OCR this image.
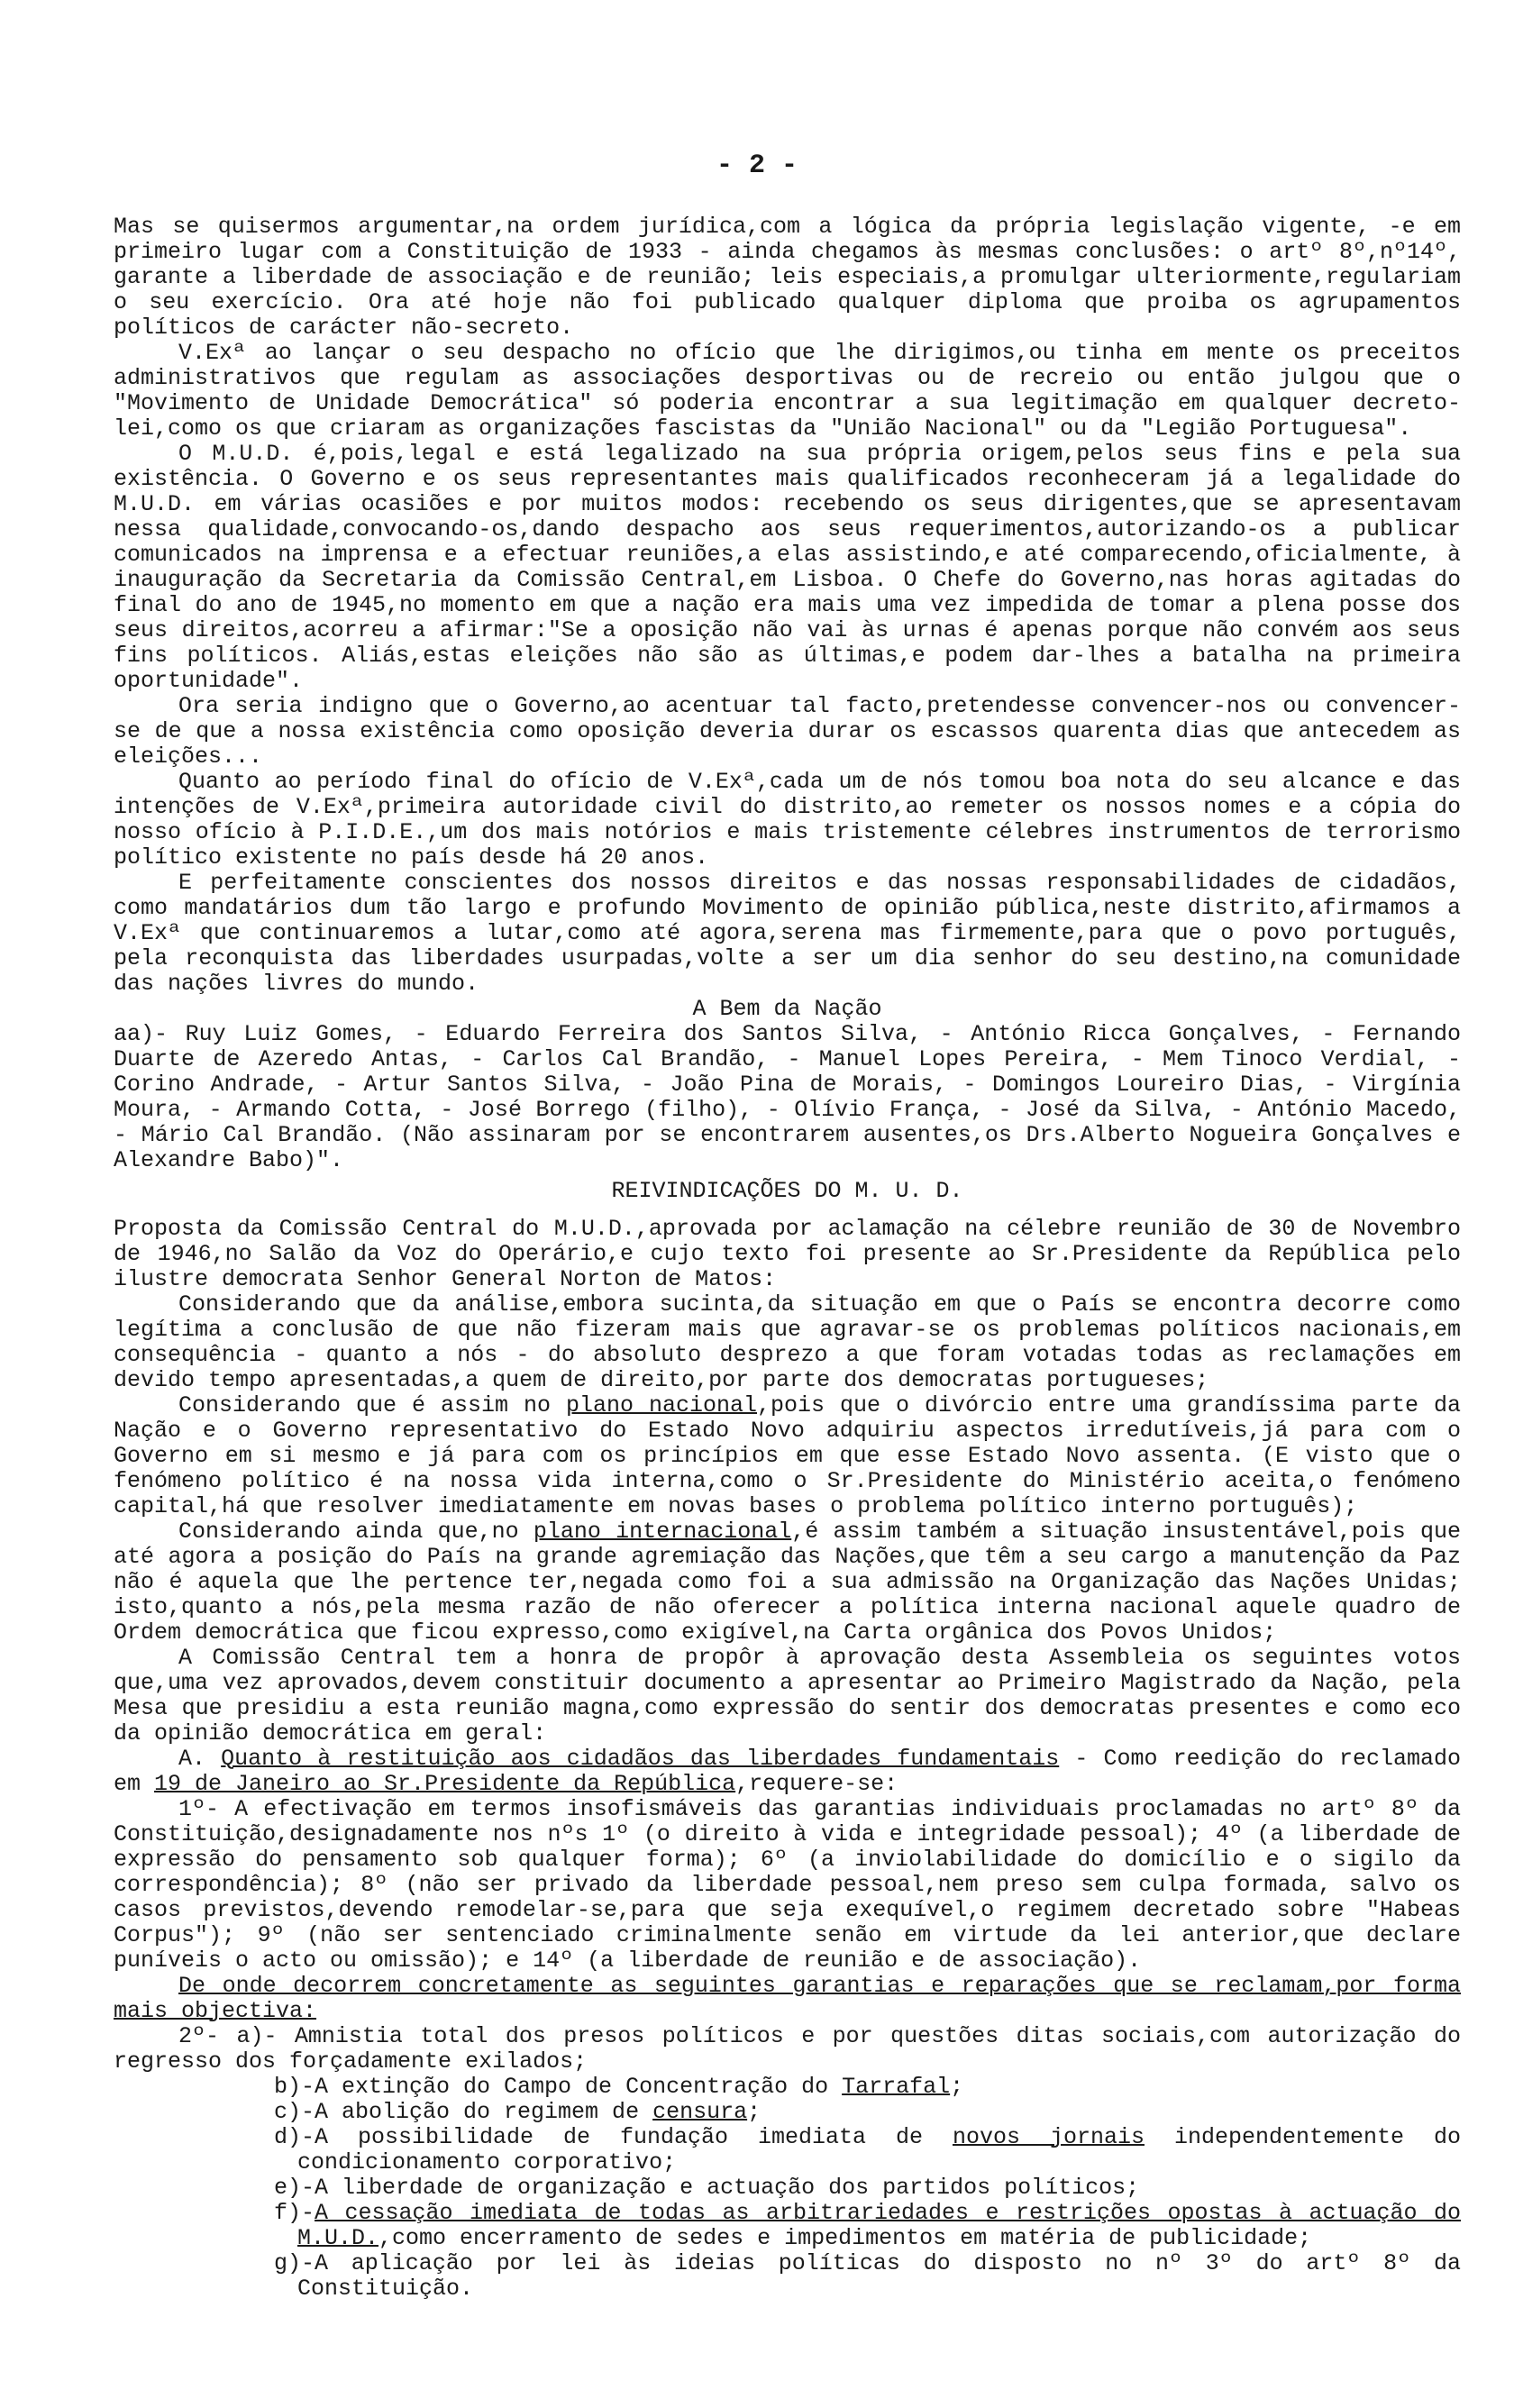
- 2 -

Mas se quisermos argumentar,na ordem jurídica,com a lógica da própria legislação vigente, -e em primeiro lugar com a Constituição de 1933 - ainda chegamos às mesmas conclusões: o artº 8º,nº14º, garante a liberdade de associação e de reunião; leis especiais,a promulgar ulteriormente,regulariam o seu exercício. Ora até hoje não foi publicado qualquer diploma que proiba os agrupamentos políticos de carácter não-secreto.

V.Exª ao lançar o seu despacho no ofício que lhe dirigimos,ou tinha em mente os preceitos administrativos que regulam as associações desportivas ou de recreio ou então julgou que o "Movimento de Unidade Democrática" só poderia encontrar a sua legitimação em qualquer decreto-lei,como os que criaram as organizações fascistas da "União Nacional" ou da "Legião Portuguesa".

O M.U.D. é,pois,legal e está legalizado na sua própria origem,pelos seus fins e pela sua existência. O Governo e os seus representantes mais qualificados reconheceram já a legalidade do M.U.D. em várias ocasiões e por muitos modos: recebendo os seus dirigentes,que se apresentavam nessa qualidade,convocando-os,dando despacho aos seus requerimentos,autorizando-os a publicar comunicados na imprensa e a efectuar reuniões,a elas assistindo,e até comparecendo,oficialmente, à inauguração da Secretaria da Comissão Central,em Lisboa. O Chefe do Governo,nas horas agitadas do final do ano de 1945,no momento em que a nação era mais uma vez impedida de tomar a plena posse dos seus direitos,acorreu a afirmar:"Se a oposição não vai às urnas é apenas porque não convém aos seus fins políticos. Aliás,estas eleições não são as últimas,e podem dar-lhes a batalha na primeira oportunidade".

Ora seria indigno que o Governo,ao acentuar tal facto,pretendesse convencer-nos ou convencer-se de que a nossa existência como oposição deveria durar os escassos quarenta dias que antecedem as eleições...

Quanto ao período final do ofício de V.Exª,cada um de nós tomou boa nota do seu alcance e das intenções de V.Exª,primeira autoridade civil do distrito,ao remeter os nossos nomes e a cópia do nosso ofício à P.I.D.E.,um dos mais notórios e mais tristemente célebres instrumentos de terrorismo político existente no país desde há 20 anos.

E perfeitamente conscientes dos nossos direitos e das nossas responsabilidades de cidadãos, como mandatários dum tão largo e profundo Movimento de opinião pública,neste distrito,afirmamos a V.Exª que continuaremos a lutar,como até agora,serena mas firmemente,para que o povo português, pela reconquista das liberdades usurpadas,volte a ser um dia senhor do seu destino,na comunidade das nações livres do mundo.

A Bem da Nação

aa)- Ruy Luiz Gomes, - Eduardo Ferreira dos Santos Silva, - António Ricca Gonçalves, - Fernando Duarte de Azeredo Antas, - Carlos Cal Brandão, - Manuel Lopes Pereira, - Mem Tinoco Verdial, - Corino Andrade, - Artur Santos Silva, - João Pina de Morais, - Domingos Loureiro Dias, - Virgínia Moura, - Armando Cotta, - José Borrego (filho), - Olívio França, - José da Silva, - António Macedo, - Mário Cal Brandão. (Não assinaram por se encontrarem ausentes,os Drs.Alberto Nogueira Gonçalves e Alexandre Babo)".

REIVINDICAÇÕES DO M. U. D.

Proposta da Comissão Central do M.U.D.,aprovada por aclamação na célebre reunião de 30 de Novembro de 1946,no Salão da Voz do Operário,e cujo texto foi presente ao Sr.Presidente da República pelo ilustre democrata Senhor General Norton de Matos:

Considerando que da análise,embora sucinta,da situação em que o País se encontra decorre como legítima a conclusão de que não fizeram mais que agravar-se os problemas políticos nacionais,em consequência - quanto a nós - do absoluto desprezo a que foram votadas todas as reclamações em devido tempo apresentadas,a quem de direito,por parte dos democratas portugueses;

Considerando que é assim no plano nacional,pois que o divórcio entre uma grandíssima parte da Nação e o Governo representativo do Estado Novo adquiriu aspectos irredutíveis,já para com o Governo em si mesmo e já para com os princípios em que esse Estado Novo assenta. (E visto que o fenómeno político é na nossa vida interna,como o Sr.Presidente do Ministério aceita,o fenómeno capital,há que resolver imediatamente em novas bases o problema político interno português);

Considerando ainda que,no plano internacional,é assim também a situação insustentável,pois que até agora a posição do País na grande agremiação das Nações,que têm a seu cargo a manutenção da Paz não é aquela que lhe pertence ter,negada como foi a sua admissão na Organização das Nações Unidas; isto,quanto a nós,pela mesma razão de não oferecer a política interna nacional aquele quadro de Ordem democrática que ficou expresso,como exigível,na Carta orgânica dos Povos Unidos;

A Comissão Central tem a honra de propôr à aprovação desta Assembleia os seguintes votos que,uma vez aprovados,devem constituir documento a apresentar ao Primeiro Magistrado da Nação, pela Mesa que presidiu a esta reunião magna,como expressão do sentir dos democratas presentes e como eco da opinião democrática em geral:

A. Quanto à restituição aos cidadãos das liberdades fundamentais - Como reedição do reclamado em 19 de Janeiro ao Sr.Presidente da República,requere-se:

1º- A efectivação em termos insofismáveis das garantias individuais proclamadas no artº 8º da Constituição,designadamente nos nºs 1º (o direito à vida e integridade pessoal); 4º (a liberdade de expressão do pensamento sob qualquer forma); 6º (a inviolabilidade do domicílio e o sigilo da correspondência); 8º (não ser privado da liberdade pessoal,nem preso sem culpa formada, salvo os casos previstos,devendo remodelar-se,para que seja exequível,o regimem decretado sobre "Habeas Corpus"); 9º (não ser sentenciado criminalmente senão em virtude da lei anterior,que declare puníveis o acto ou omissão); e 14º (a liberdade de reunião e de associação).

De onde decorrem concretamente as seguintes garantias e reparações que se reclamam,por forma mais objectiva:

2º- a)- Amnistia total dos presos políticos e por questões ditas sociais,com autorização do regresso dos forçadamente exilados;

b)-A extinção do Campo de Concentração do Tarrafal;

c)-A abolição do regimem de censura;

d)-A possibilidade de fundação imediata de novos jornais independentemente do condicionamento corporativo;

e)-A liberdade de organização e actuação dos partidos políticos;

f)-A cessação imediata de todas as arbitrariedades e restrições opostas à actuação do M.U.D.,como encerramento de sedes e impedimentos em matéria de publicidade;

g)-A aplicação por lei às ideias políticas do disposto no nº 3º do artº 8º da Constituição.
